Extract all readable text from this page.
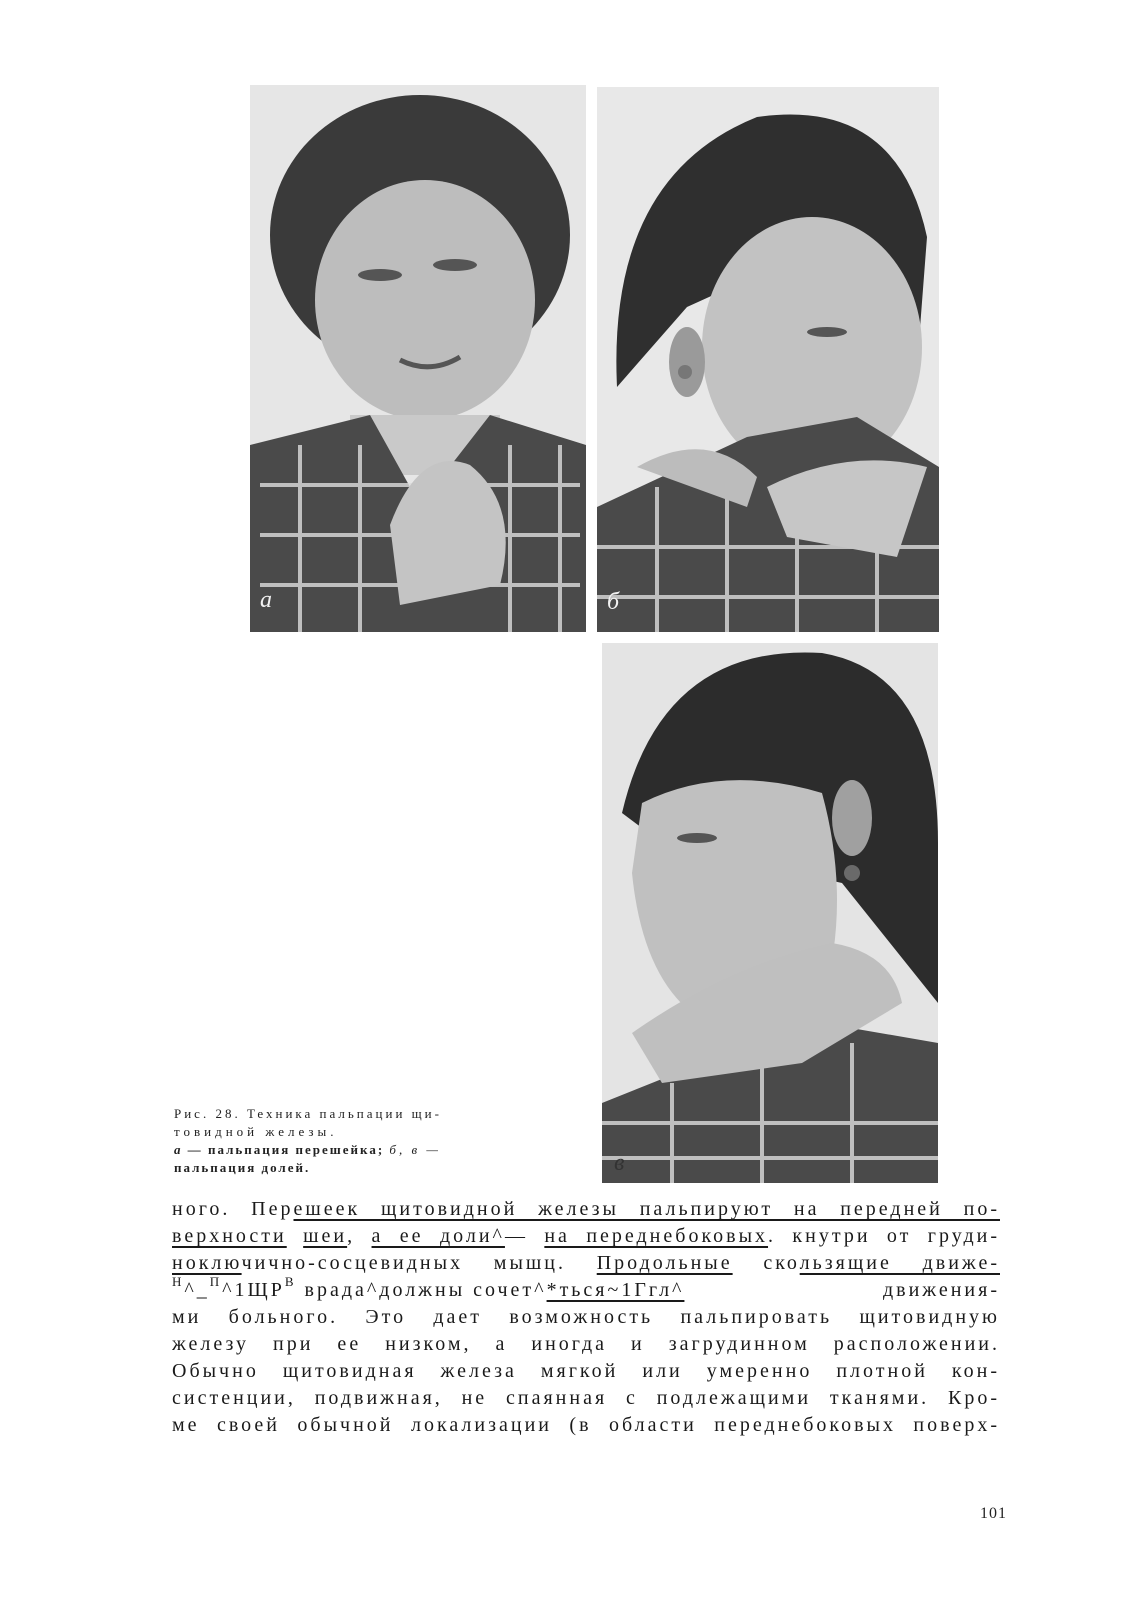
а	б
в
Рис. 28. Техника пальпации щи-
товидной железы.
а — пальпация перешейка; б, в —
пальпация долей.
ного. Перешеек щитовидной железы пальпируют на передней по-
верхности шеи, а ее доли^— на переднебоковых. кнутри от груди-
ноключично-сосцевидных мышц. Продольные скользящие движе-
$^Н\^{}\_^П\^{}1ЩР^В$ врада^должны сочет^*ться~1Ггл^	движения-
ми больного. Это дает возможность пальпировать щитовидную
железу при ее низком, а иногда и загрудинном расположении.
Обычно щитовидная железа мягкой или умеренно плотной кон-
систенции, подвижная, не спаянная с подлежащими тканями. Кро-
ме своей обычной локализации (в области переднебоковых поверх-
101
